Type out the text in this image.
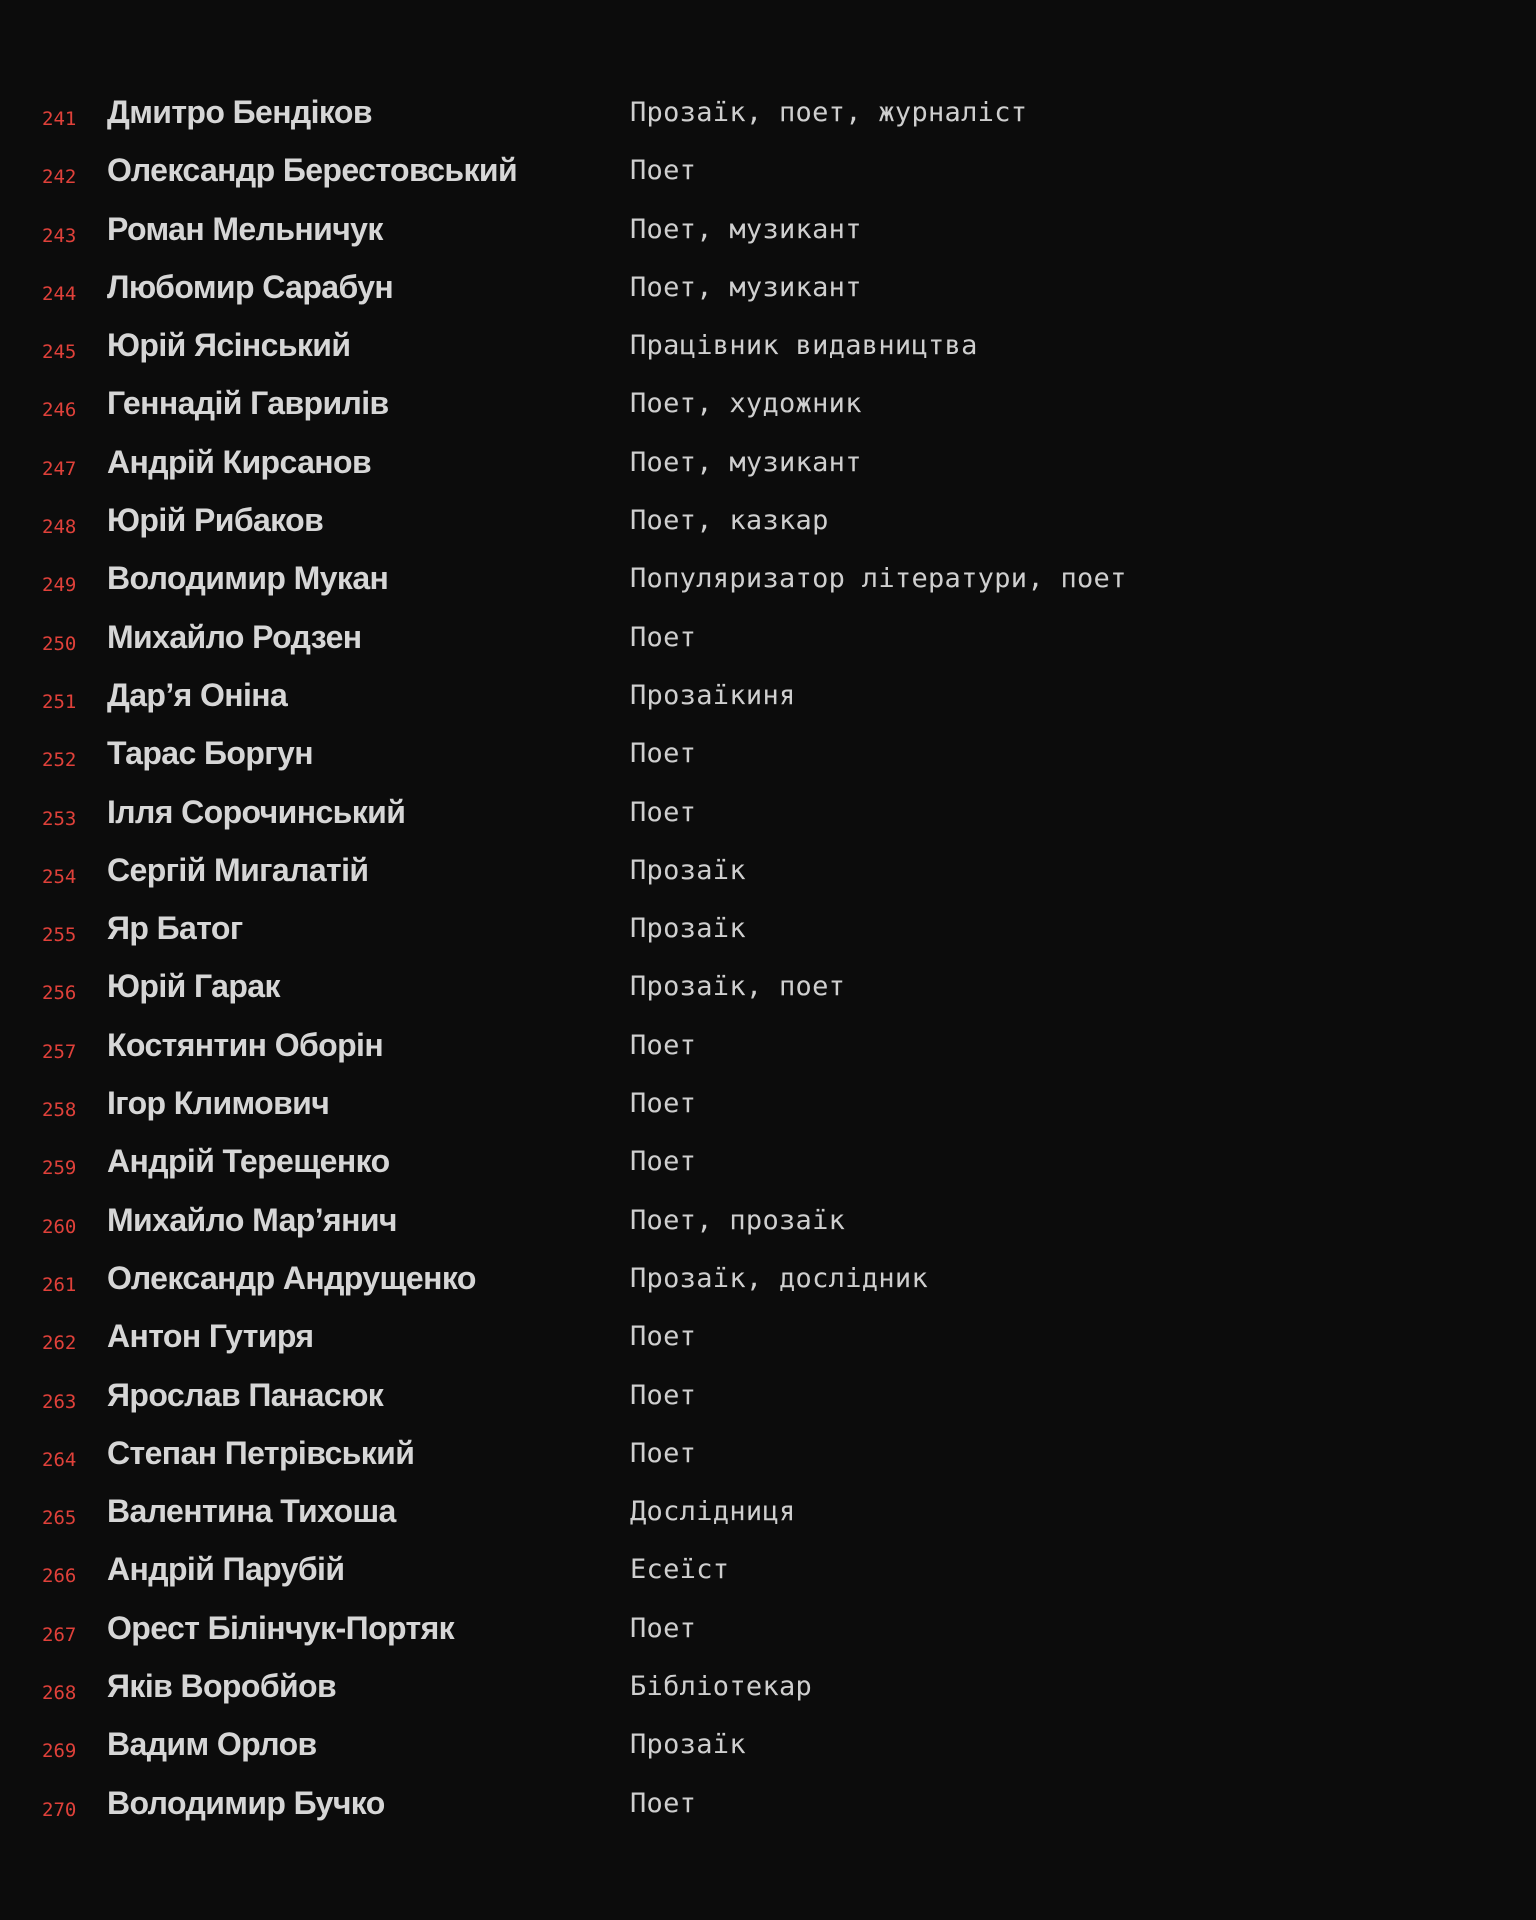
241 Дмитро Бендіков	Прозаїк, поет, журналіст
242 Олександр Берестовський	Поет
243 Роман Мельничук	Поет, музикант
244 Любомир Сарабун	Поет, музикант
245 Юрій Ясінський	Працівник видавництва
246 Геннадій Гаврилів	Поет, художник
247 Андрій Кирсанов	Поет, музикант
248 Юрій Рибаков	Поет, казкар
249 Володимир Мукан	Популяризатор літератури, поет
250 Михайло Родзен	Поет
251 Дар’я Оніна	Прозаїкиня
252 Тарас Боргун	Поет
253 Ілля Сорочинський	Поет
254 Сергій Мигалатій	Прозаїк
255 Яр Батог	Прозаїк
256 Юрій Гарак	Прозаїк, поет
257 Костянтин Оборін	Поет
258 Ігор Климович	Поет
259 Андрій Терещенко	Поет
260 Михайло Мар’янич	Поет, прозаїк
261 Олександр Андрущенко	Прозаїк, дослідник
262 Антон Гутиря	Поет
263 Ярослав Панасюк	Поет
264 Степан Петрівський	Поет
265 Валентина Тихоша	Дослідниця
266 Андрій Парубій	Есеїст
267 Орест Білінчук-Портяк	Поет
268 Яків Воробйов	Бібліотекар
269 Вадим Орлов	Прозаїк
270 Володимир Бучко	Поет
